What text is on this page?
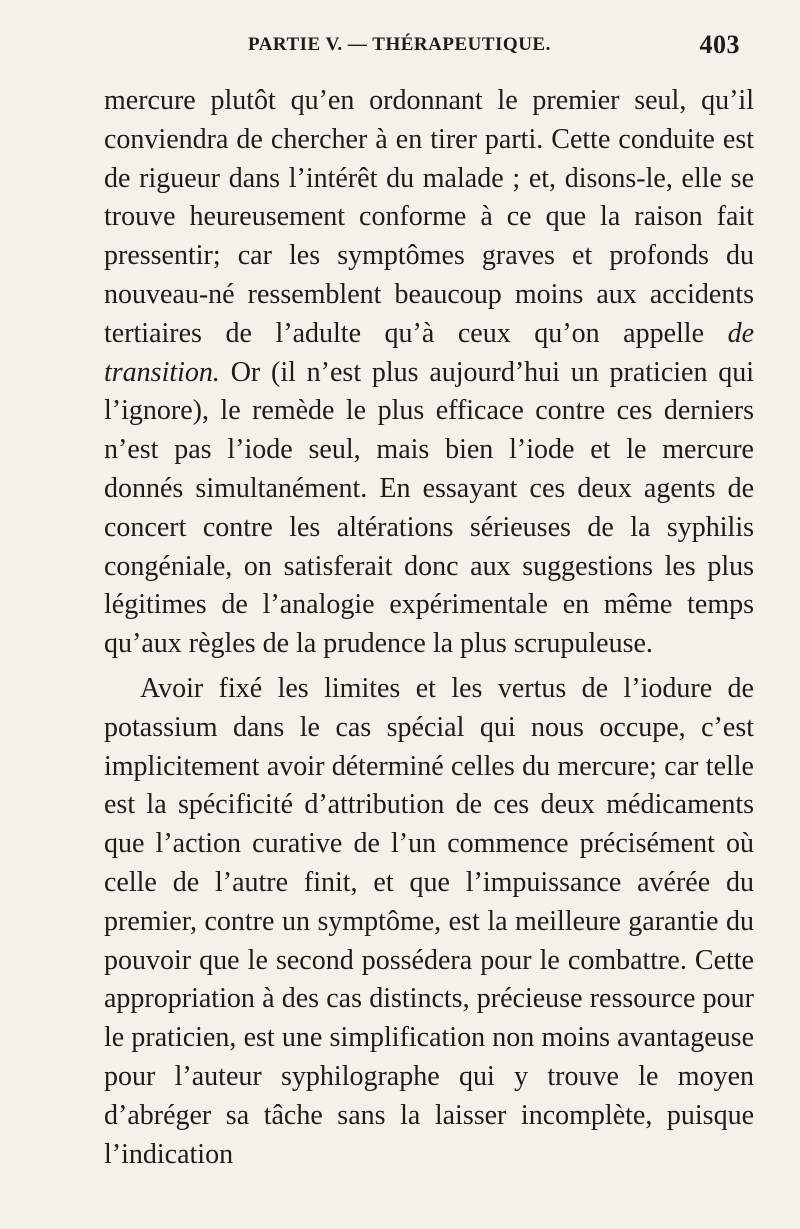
PARTIE V. — THÉRAPEUTIQUE.	403

mercure plutôt qu’en ordonnant le premier seul, qu’il conviendra de chercher à en tirer parti. Cette conduite est de rigueur dans l’intérêt du malade ; et, disons-le, elle se trouve heureusement conforme à ce que la raison fait pressentir; car les symptômes graves et profonds du nouveau-né ressemblent beaucoup moins aux accidents tertiaires de l’adulte qu’à ceux qu’on appelle de transition. Or (il n’est plus aujourd’hui un praticien qui l’ignore), le remède le plus efficace contre ces derniers n’est pas l’iode seul, mais bien l’iode et le mercure donnés simultanément. En essayant ces deux agents de concert contre les altérations sérieuses de la syphilis congéniale, on satisferait donc aux suggestions les plus légitimes de l’analogie expérimentale en même temps qu’aux règles de la prudence la plus scrupuleuse.

Avoir fixé les limites et les vertus de l’iodure de potassium dans le cas spécial qui nous occupe, c’est implicitement avoir déterminé celles du mercure; car telle est la spécificité d’attribution de ces deux médicaments que l’action curative de l’un commence précisément où celle de l’autre finit, et que l’impuissance avérée du premier, contre un symptôme, est la meilleure garantie du pouvoir que le second possédera pour le combattre. Cette appropriation à des cas distincts, précieuse ressource pour le praticien, est une simplification non moins avantageuse pour l’auteur syphilographe qui y trouve le moyen d’abréger sa tâche sans la laisser incomplète, puisque l’indication
